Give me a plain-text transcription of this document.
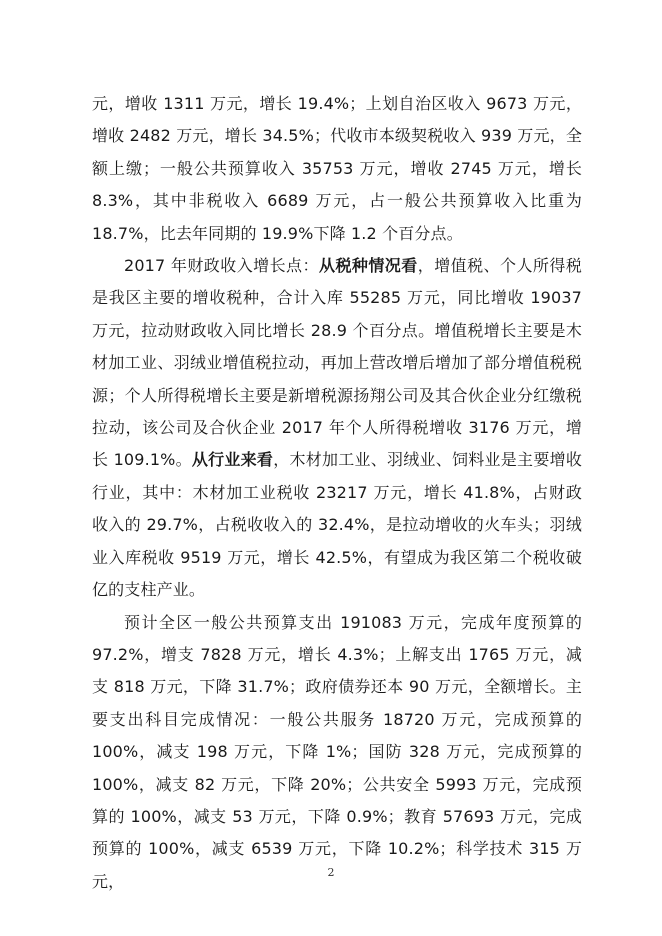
元，增收 1311 万元，增长 19.4%；上划自治区收入 9673 万元，增收 2482 万元，增长 34.5%；代收市本级契税收入 939 万元，全额上缴；一般公共预算收入 35753 万元，增收 2745 万元，增长 8.3%，其中非税收入 6689 万元，占一般公共预算收入比重为 18.7%，比去年同期的 19.9%下降 1.2 个百分点。

2017 年财政收入增长点：从税种情况看，增值税、个人所得税是我区主要的增收税种，合计入库 55285 万元，同比增收 19037 万元，拉动财政收入同比增长 28.9 个百分点。增值税增长主要是木材加工业、羽绒业增值税拉动，再加上营改增后增加了部分增值税税源；个人所得税增长主要是新增税源扬翔公司及其合伙企业分红缴税拉动，该公司及合伙企业 2017 年个人所得税增收 3176 万元，增长 109.1%。从行业来看，木材加工业、羽绒业、饲料业是主要增收行业，其中：木材加工业税收 23217 万元，增长 41.8%，占财政收入的 29.7%，占税收收入的 32.4%，是拉动增收的火车头；羽绒业入库税收 9519 万元，增长 42.5%，有望成为我区第二个税收破亿的支柱产业。

预计全区一般公共预算支出 191083 万元，完成年度预算的 97.2%，增支 7828 万元，增长 4.3%；上解支出 1765 万元，减支 818 万元，下降 31.7%；政府债券还本 90 万元，全额增长。主要支出科目完成情况：一般公共服务 18720 万元，完成预算的 100%，减支 198 万元，下降 1%；国防 328 万元，完成预算的 100%，减支 82 万元，下降 20%；公共安全 5993 万元，完成预算的 100%，减支 53 万元，下降 0.9%；教育 57693 万元，完成预算的 100%，减支 6539 万元，下降 10.2%；科学技术 315 万元，	2
